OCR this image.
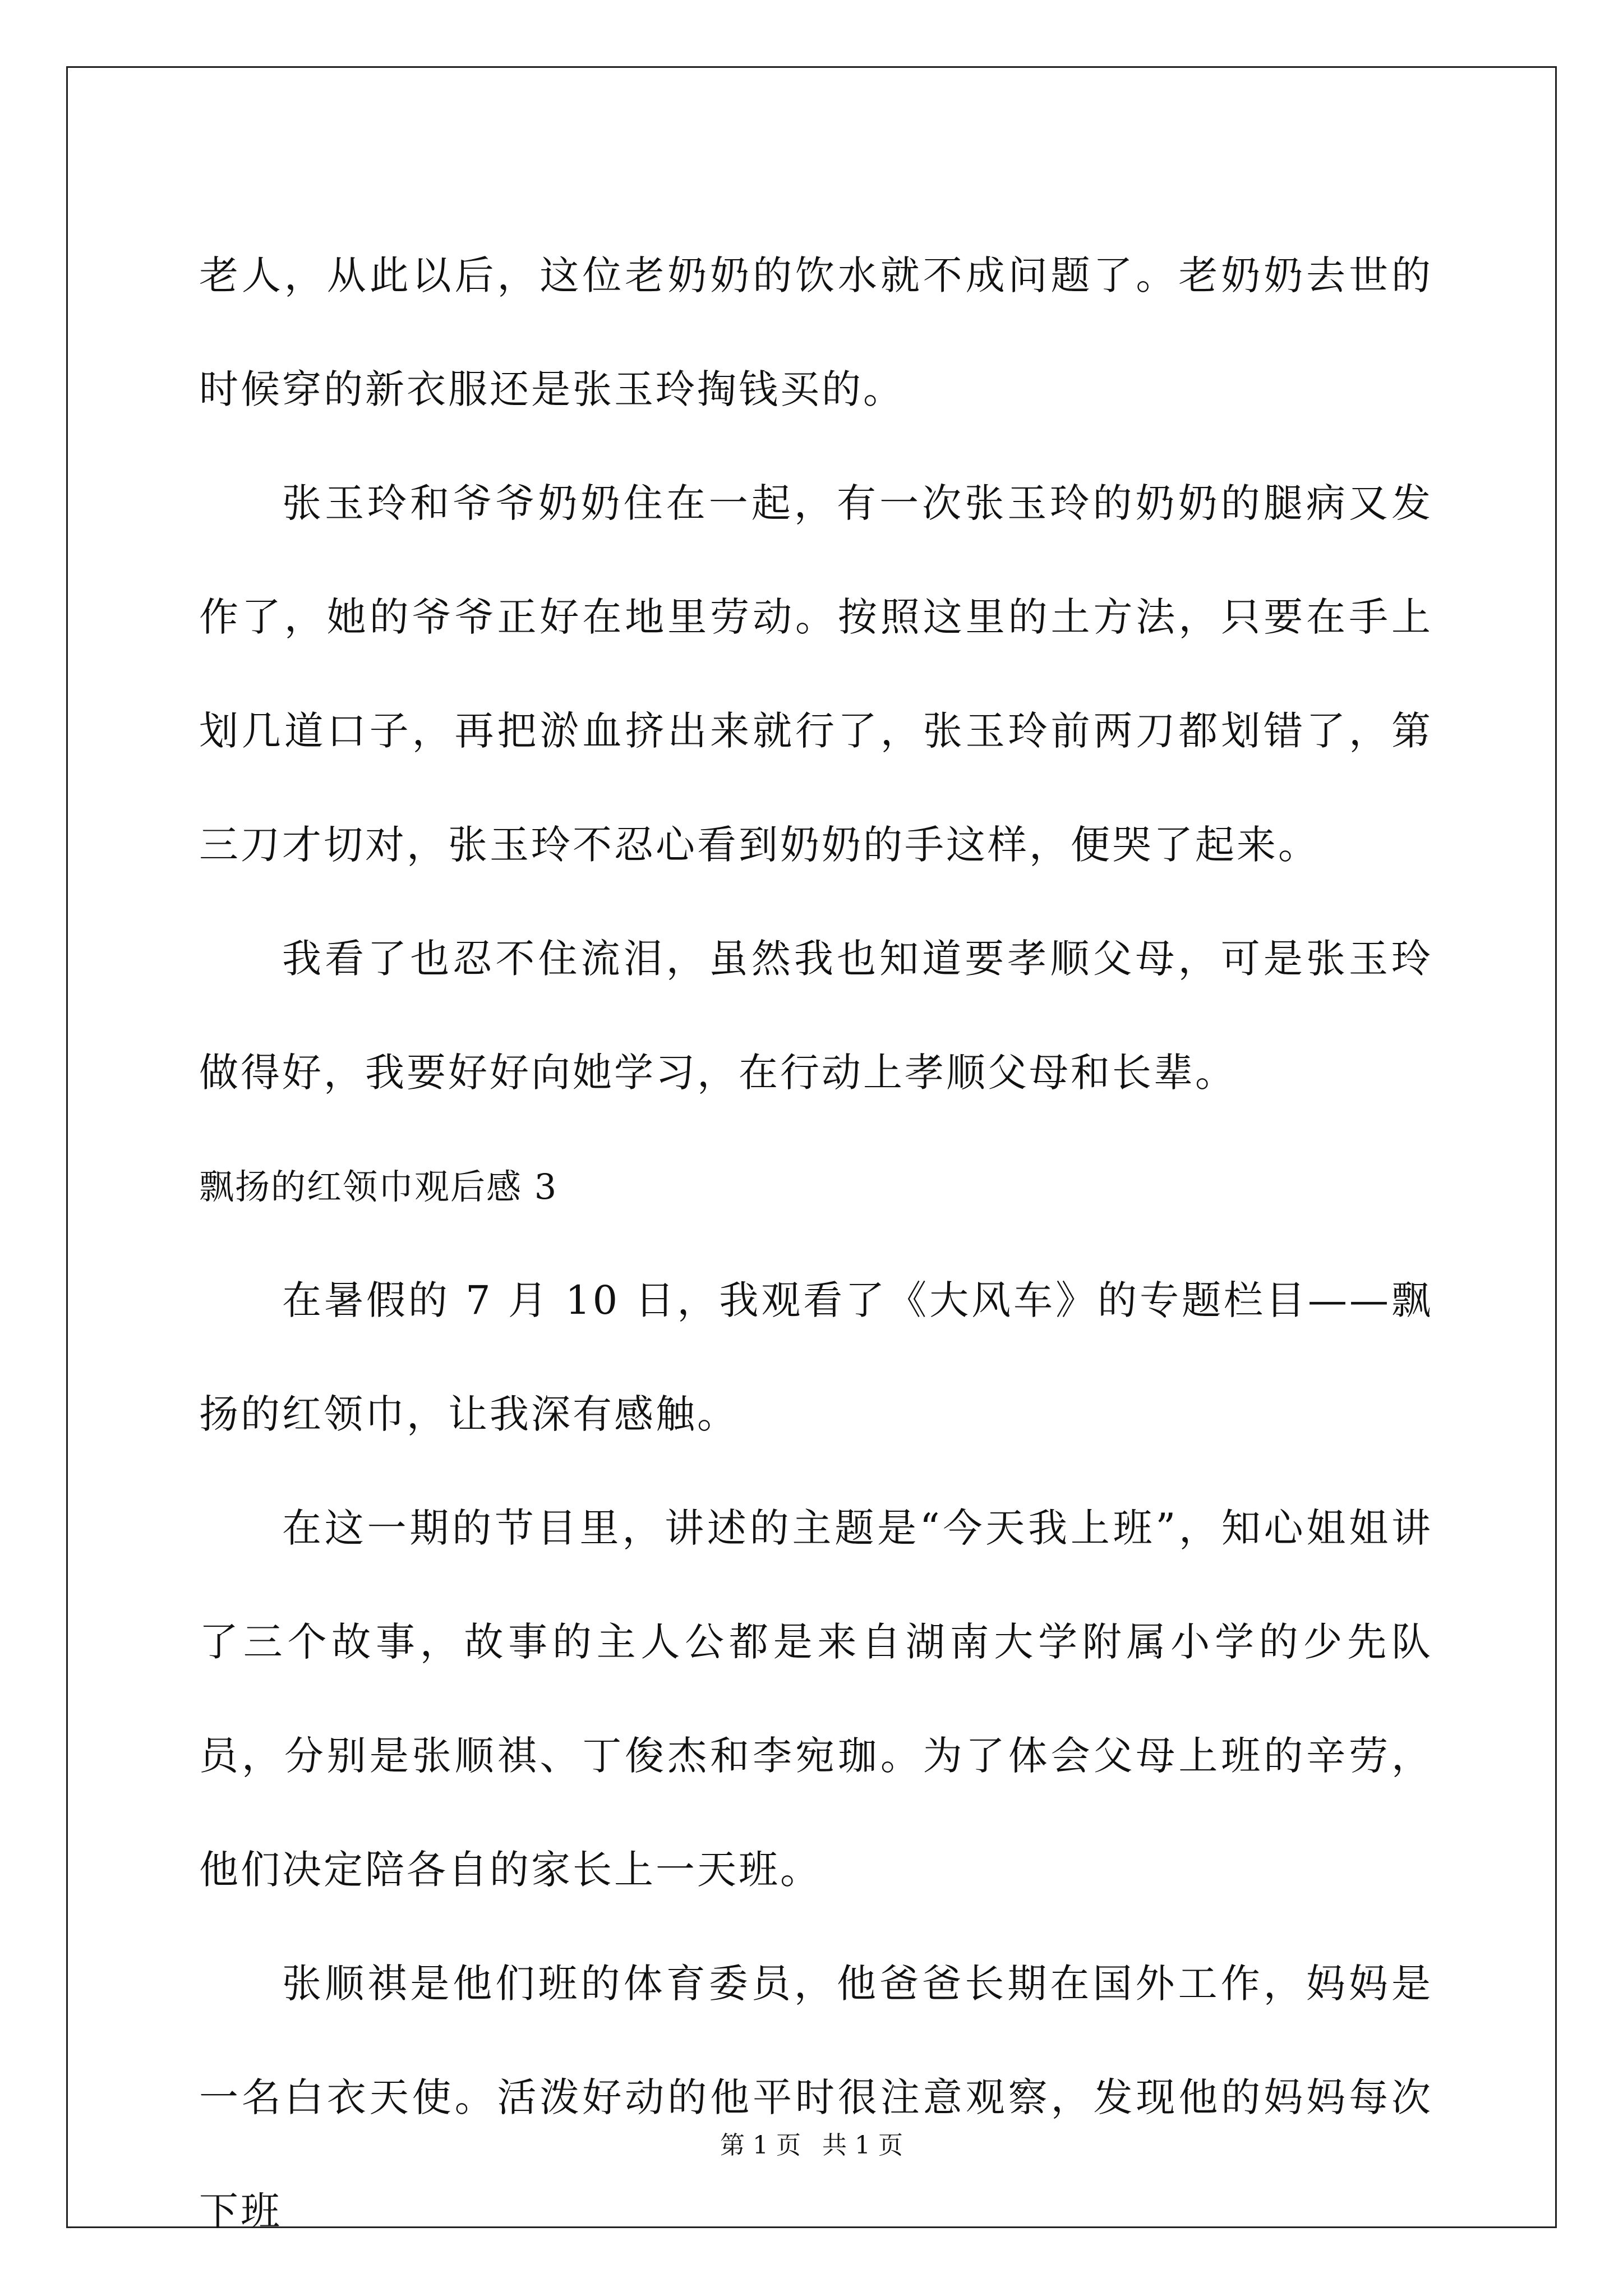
老人，从此以后，这位老奶奶的饮水就不成问题了。老奶奶去世的时候穿的新衣服还是张玉玲掏钱买的。

张玉玲和爷爷奶奶住在一起，有一次张玉玲的奶奶的腿病又发作了，她的爷爷正好在地里劳动。按照这里的土方法，只要在手上划几道口子，再把淤血挤出来就行了，张玉玲前两刀都划错了，第三刀才切对，张玉玲不忍心看到奶奶的手这样，便哭了起来。

我看了也忍不住流泪，虽然我也知道要孝顺父母，可是张玉玲做得好，我要好好向她学习，在行动上孝顺父母和长辈。

飘扬的红领巾观后感 3

在暑假的 7 月 10 日，我观看了《大风车》的专题栏目——飘扬的红领巾，让我深有感触。

在这一期的节目里，讲述的主题是“今天我上班”，知心姐姐讲了三个故事，故事的主人公都是来自湖南大学附属小学的少先队员，分别是张顺祺、丁俊杰和李宛珈。为了体会父母上班的辛劳，他们决定陪各自的家长上一天班。

张顺祺是他们班的体育委员，他爸爸长期在国外工作，妈妈是一名白衣天使。活泼好动的他平时很注意观察，发现他的妈妈每次下班

第 1 页 共 1 页
